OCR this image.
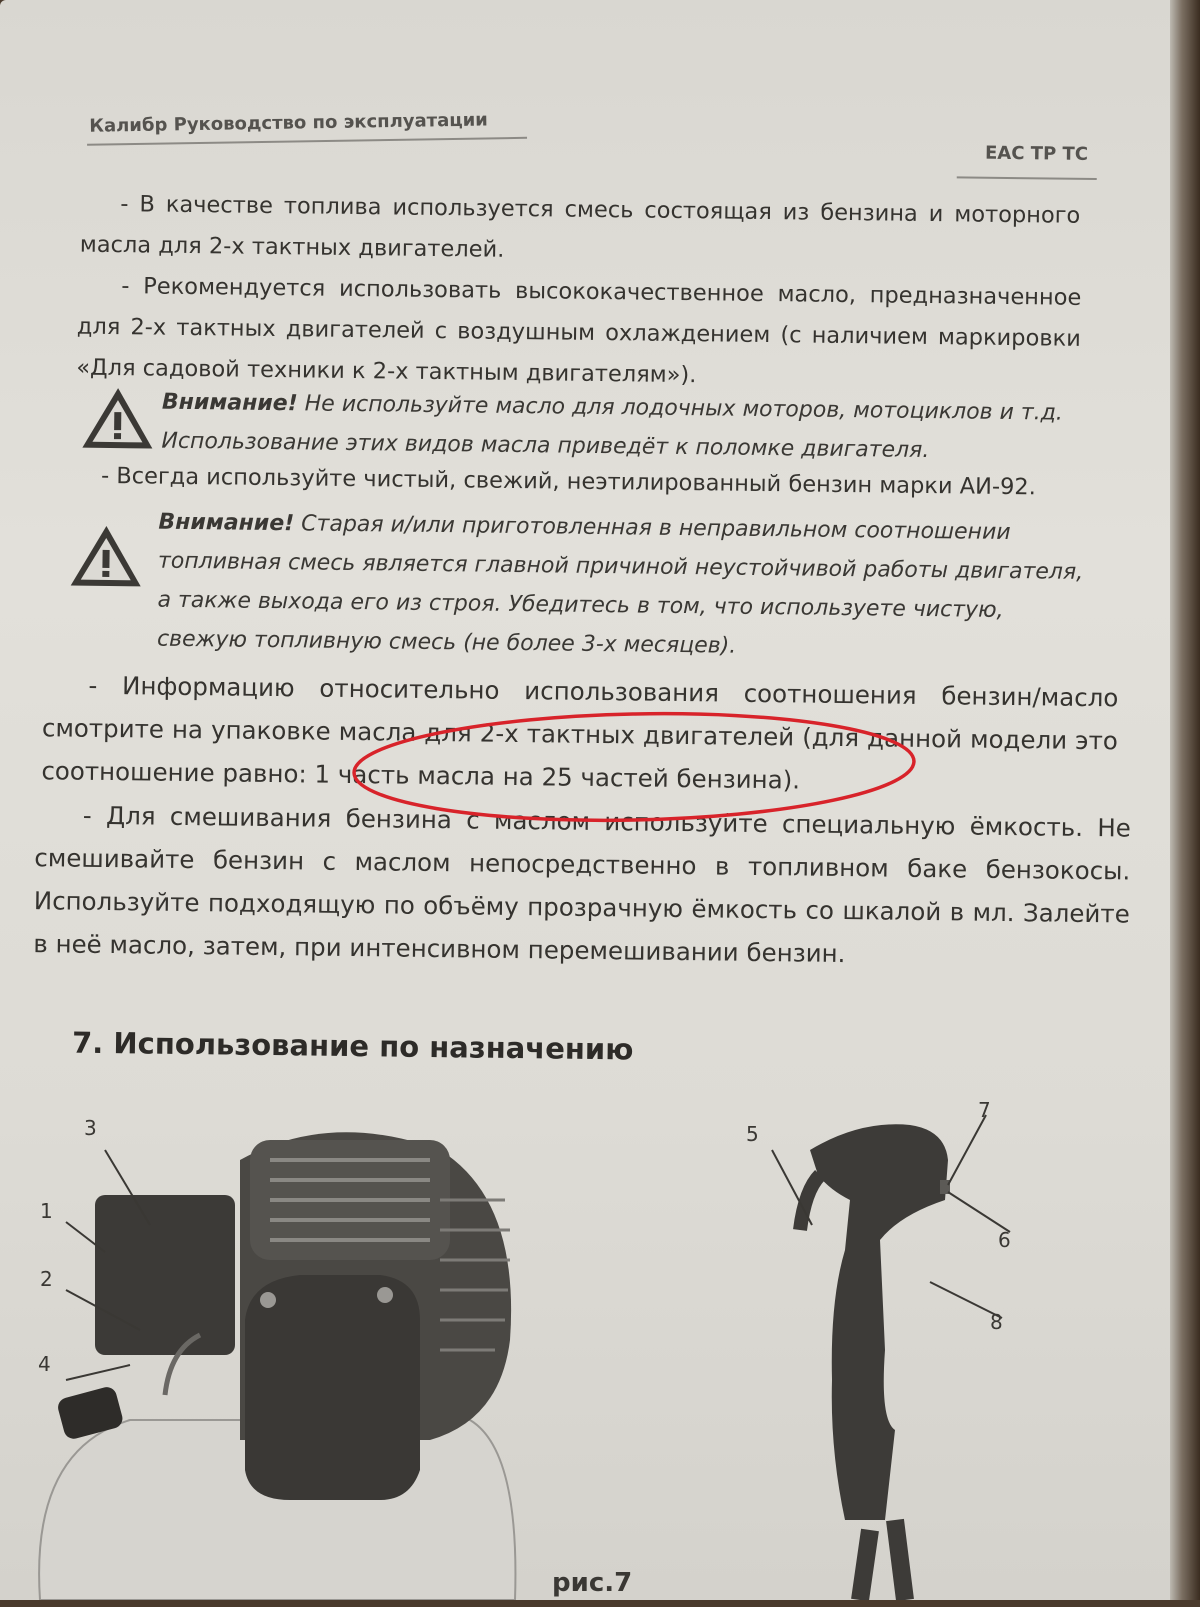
Калибр Руководство по эксплуатации
ЕАС ТР ТС
- В качестве топлива используется смесь состоящая из бензина и моторного масла для 2-х тактных двигателей.
- Рекомендуется использовать высококачественное масло, предназначенное для 2-х тактных двигателей с воздушным охлаждением (с наличием маркировки «Для садовой техники к 2-х тактным двигателям»).
Внимание! Не используйте масло для лодочных моторов, мотоциклов и т.д. Использование этих видов масла приведёт к поломке двигателя.
- Всегда используйте чистый, свежий, неэтилированный бензин марки АИ-92.
Внимание! Старая и/или приготовленная в неправильном соотношении топливная смесь является главной причиной неустойчивой работы двигателя, а также выхода его из строя. Убедитесь в том, что используете чистую, свежую топливную смесь (не более 3-х месяцев).
- Информацию относительно использования соотношения бензин/масло смотрите на упаковке масла для 2-х тактных двигателей (для данной модели это соотношение равно: 1 часть масла на 25 частей бензина).
- Для смешивания бензина с маслом используйте специальную ёмкость. Не смешивайте бензин с маслом непосредственно в топливном баке бензокосы. Используйте подходящую по объёму прозрачную ёмкость со шкалой в мл. Залейте в неё масло, затем, при интенсивном перемешивании бензин.
7. Использование по назначению
1
2
3
4
5
6
7
8
рис.7
